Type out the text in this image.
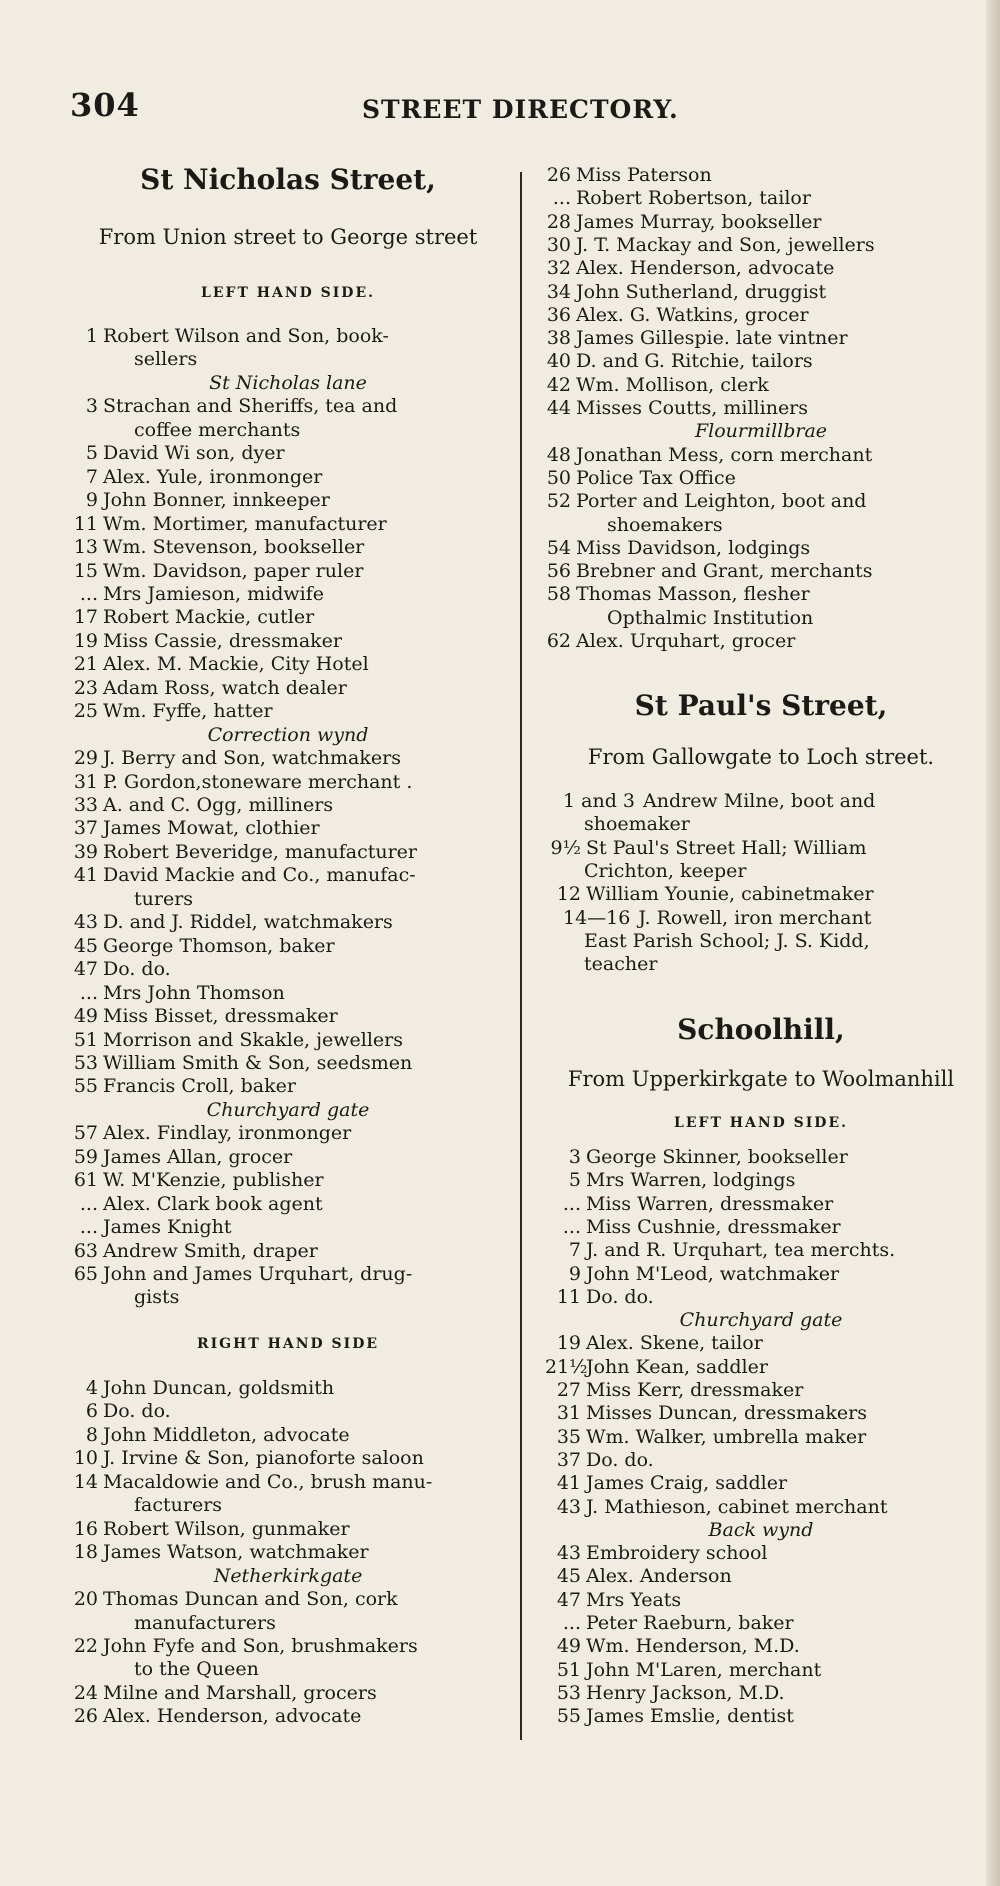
304	STREET DIRECTORY.
St Nicholas Street,
From Union street to George street
LEFT HAND SIDE.
1 Robert Wilson and Son, book-
sellers
St Nicholas lane
3 Strachan and Sheriffs, tea and
coffee merchants
5 David Wi son, dyer
7 Alex. Yule, ironmonger
9 John Bonner, innkeeper
11 Wm. Mortimer, manufacturer
13 Wm. Stevenson, bookseller
15 Wm. Davidson, paper ruler
... Mrs Jamieson, midwife
17 Robert Mackie, cutler
19 Miss Cassie, dressmaker
21 Alex. M. Mackie, City Hotel
23 Adam Ross, watch dealer
25 Wm. Fyffe, hatter
Correction wynd
29 J. Berry and Son, watchmakers
31 P. Gordon,stoneware merchant .
33 A. and C. Ogg, milliners
37 James Mowat, clothier
39 Robert Beveridge, manufacturer
41 David Mackie and Co., manufac-
turers
43 D. and J. Riddel, watchmakers
45 George Thomson, baker
47 Do. do.
... Mrs John Thomson
49 Miss Bisset, dressmaker
51 Morrison and Skakle, jewellers
53 William Smith & Son, seedsmen
55 Francis Croll, baker
Churchyard gate
57 Alex. Findlay, ironmonger
59 James Allan, grocer
61 W. M'Kenzie, publisher
... Alex. Clark book agent
... James Knight
63 Andrew Smith, draper
65 John and James Urquhart, drug-
gists
RIGHT HAND SIDE
4 John Duncan, goldsmith
6 Do. do.
8 John Middleton, advocate
10 J. Irvine & Son, pianoforte saloon
14 Macaldowie and Co., brush manu-
facturers
16 Robert Wilson, gunmaker
18 James Watson, watchmaker
Netherkirkgate
20 Thomas Duncan and Son, cork
manufacturers
22 John Fyfe and Son, brushmakers
to the Queen
24 Milne and Marshall, grocers
26 Alex. Henderson, advocate
26 Miss Paterson
... Robert Robertson, tailor
28 James Murray, bookseller
30 J. T. Mackay and Son, jewellers
32 Alex. Henderson, advocate
34 John Sutherland, druggist
36 Alex. G. Watkins, grocer
38 James Gillespie. late vintner
40 D. and G. Ritchie, tailors
42 Wm. Mollison, clerk
44 Misses Coutts, milliners
Flourmillbrae
48 Jonathan Mess, corn merchant
50 Police Tax Office
52 Porter and Leighton, boot and
shoemakers
54 Miss Davidson, lodgings
56 Brebner and Grant, merchants
58 Thomas Masson, flesher
Opthalmic Institution
62 Alex. Urquhart, grocer
St Paul's Street,
From Gallowgate to Loch street.
1 and 3 Andrew Milne, boot and
shoemaker
9½ St Paul's Street Hall; William
Crichton, keeper
12 William Younie, cabinetmaker
14—16 J. Rowell, iron merchant
East Parish School; J. S. Kidd,
teacher
Schoolhill,
From Upperkirkgate to Woolmanhill
LEFT HAND SIDE.
3 George Skinner, bookseller
5 Mrs Warren, lodgings
... Miss Warren, dressmaker
... Miss Cushnie, dressmaker
7 J. and R. Urquhart, tea merchts.
9 John M'Leod, watchmaker
11 Do. do.
Churchyard gate
19 Alex. Skene, tailor
21½John Kean, saddler
27 Miss Kerr, dressmaker
31 Misses Duncan, dressmakers
35 Wm. Walker, umbrella maker
37 Do. do.
41 James Craig, saddler
43 J. Mathieson, cabinet merchant
Back wynd
43 Embroidery school
45 Alex. Anderson
47 Mrs Yeats
... Peter Raeburn, baker
49 Wm. Henderson, M.D.
51 John M'Laren, merchant
53 Henry Jackson, M.D.
55 James Emslie, dentist
